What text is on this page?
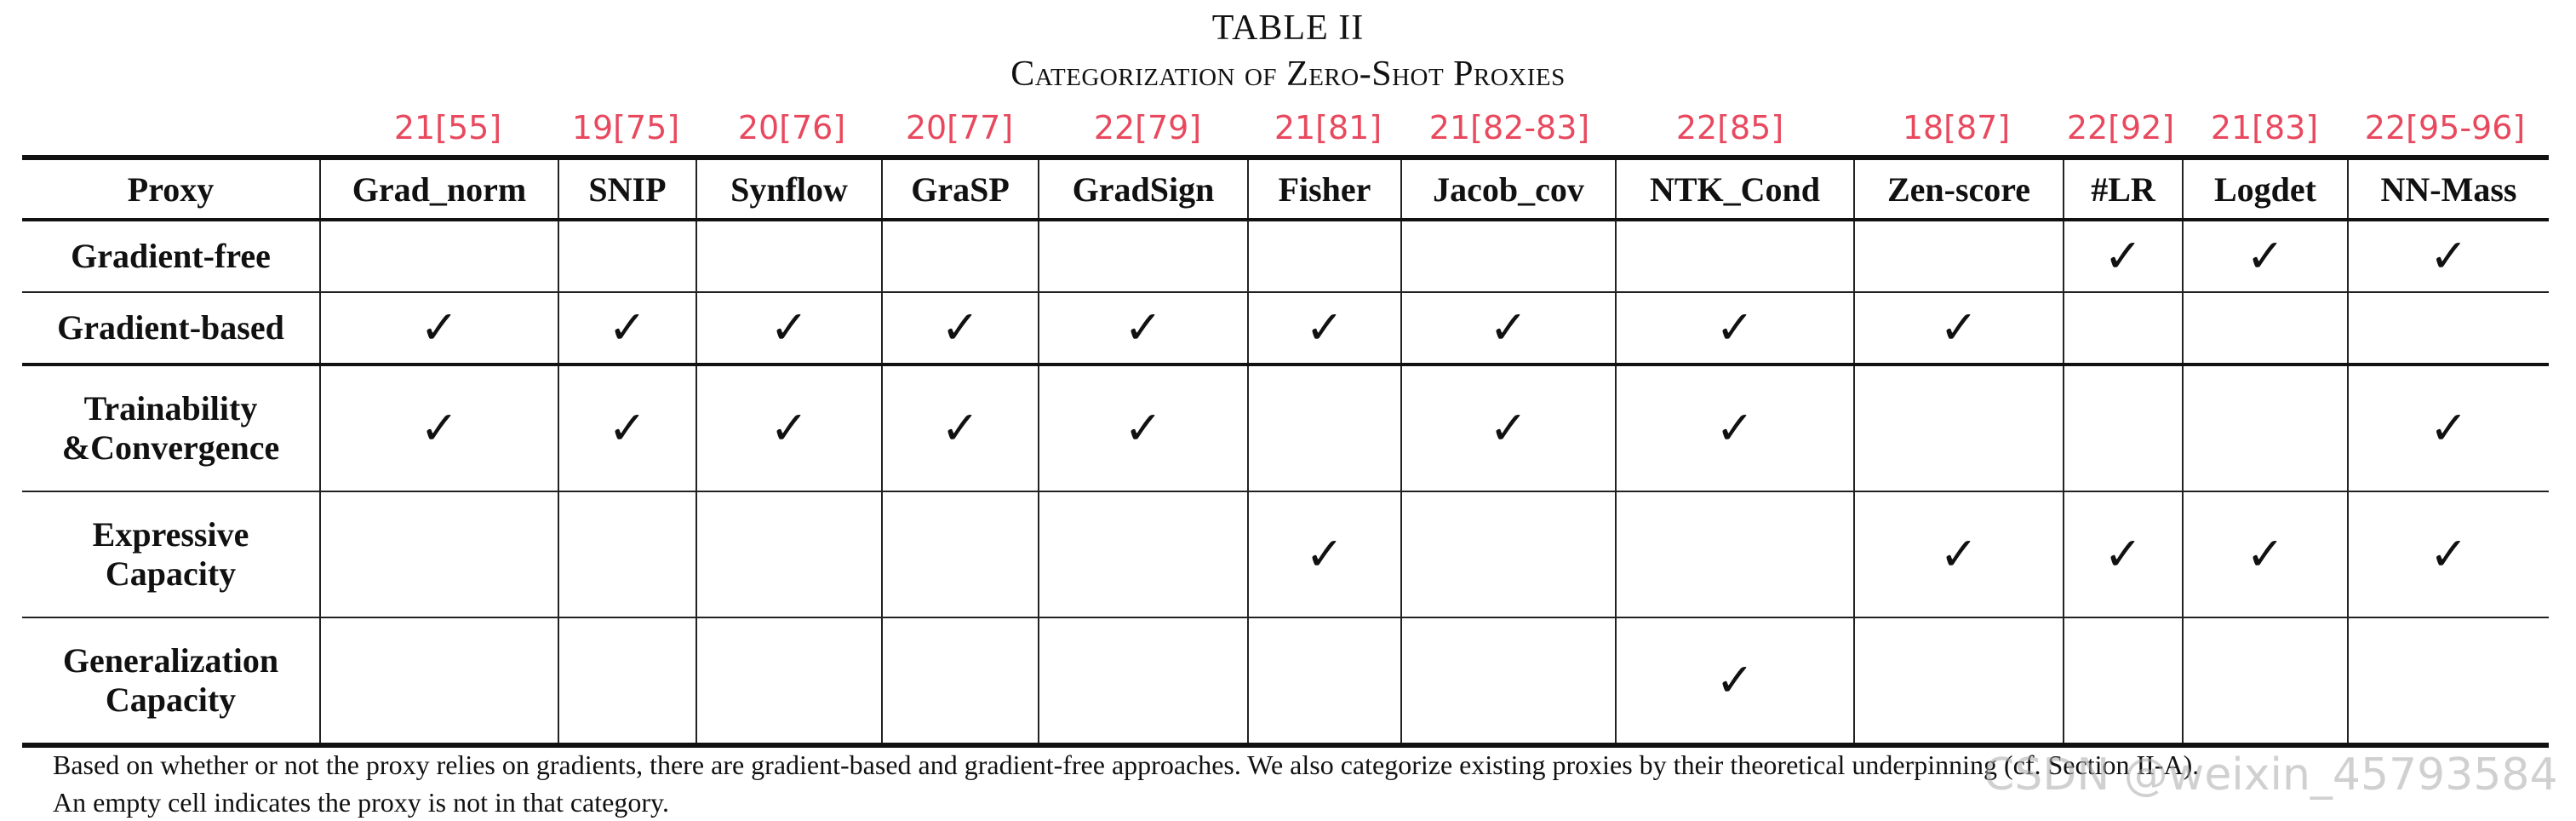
TABLE II
Categorization of Zero-Shot Proxies
21[55] 19[75] 20[76] 20[77] 22[79] 21[81] 21[82-83]	22[85]	18[87] 22[92] 21[83] 22[95-96]
Proxy	Grad_norm	SNIP	Synflow	GraSP	GradSign	Fisher	Jacob_cov	NTK_Cond	Zen-score	#LR	Logdet	NN-Mass

Gradient-free										✓	✓	✓

Gradient-based	✓	✓	✓	✓	✓	✓	✓	✓	✓			

Trainability
&Convergence	✓	✓	✓	✓	✓		✓	✓				✓

Expressive
Capacity						✓			✓	✓	✓	✓

Generalization
Capacity								✓				
Based on whether or not the proxy relies on gradients, there are gradient-based and gradient-free approaches. We also categorize existing proxies by their theoretical underpinning (cf. Section II-A).
An empty cell indicates the proxy is not in that category.
CSDN @weixin_45793584
